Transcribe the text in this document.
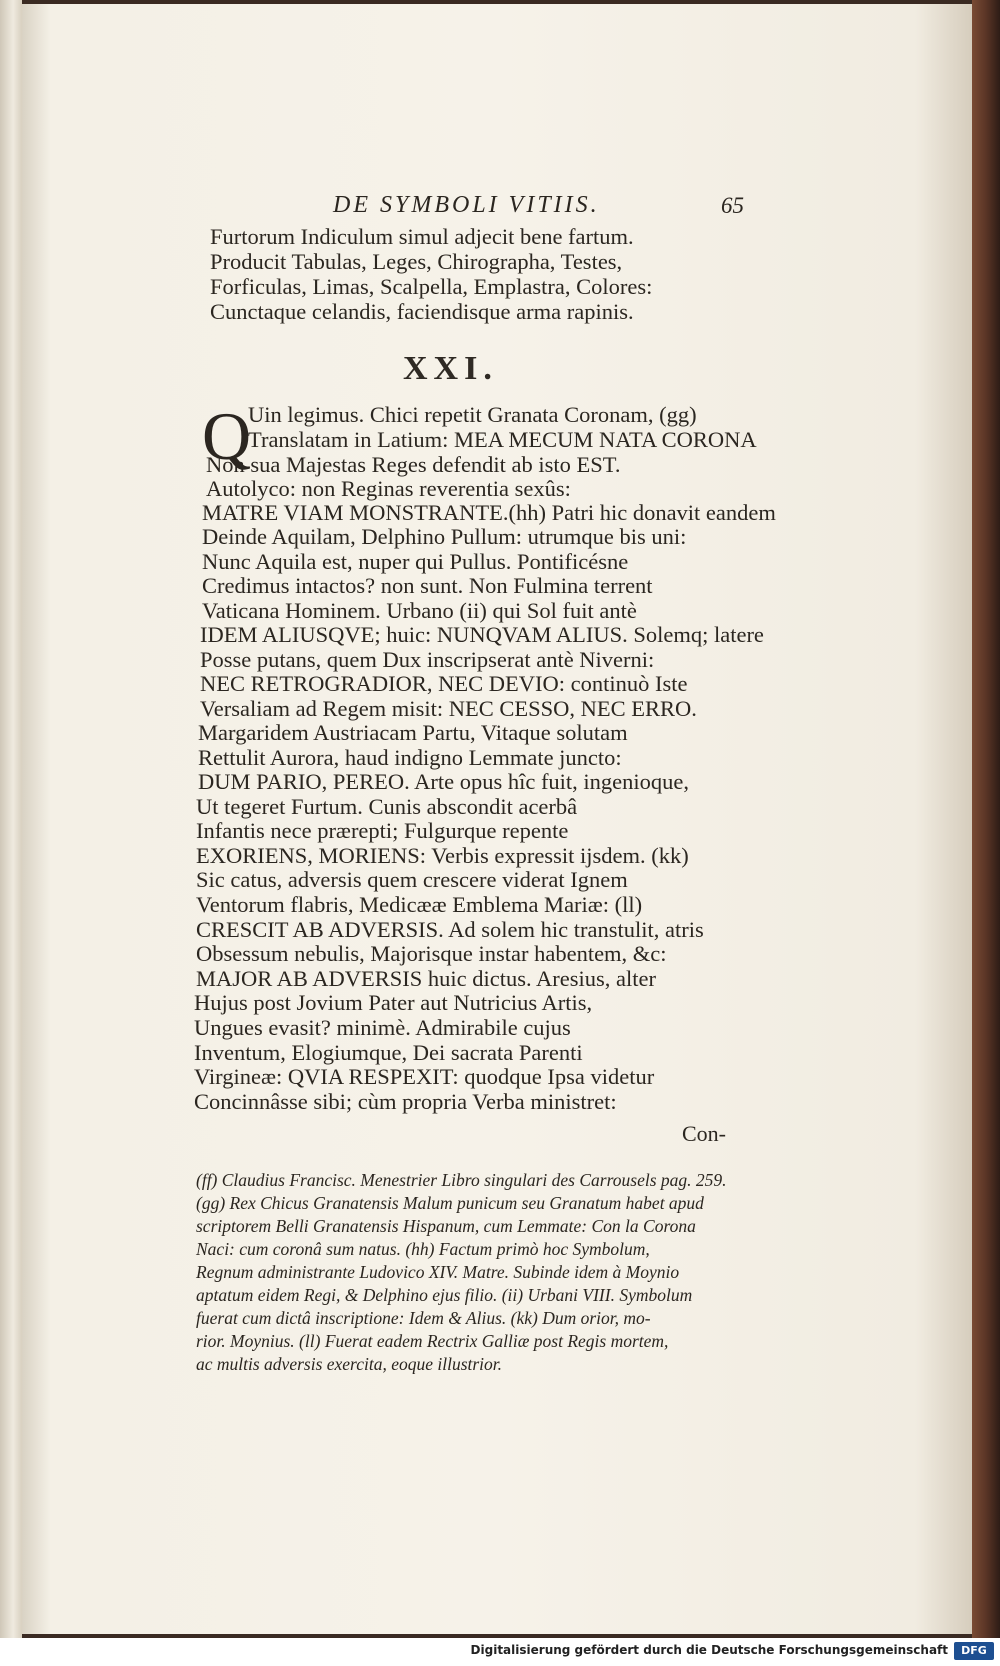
DE SYMBOLI VITIIS.	65
Furtorum Indiculum simul adjecit bene fartum.
Producit Tabulas, Leges, Chirographa, Testes,
Forficulas, Limas, Scalpella, Emplastra, Colores:
Cunctaque celandis, faciendisque arma rapinis.
XXI.
Q
Uin legimus. Chici repetit Granata Coronam, (gg)
Translatam in Latium: MEA MECUM NATA CORONA
Non sua Majestas Reges defendit ab isto EST.
Autolyco: non Reginas reverentia sexûs:
MATRE VIAM MONSTRANTE.(hh) Patri hic donavit eandem
Deinde Aquilam, Delphino Pullum: utrumque bis uni:
Nunc Aquila est, nuper qui Pullus. Pontificésne
Credimus intactos? non sunt. Non Fulmina terrent
Vaticana Hominem. Urbano (ii) qui Sol fuit antè
IDEM ALIUSQVE; huic: NUNQVAM ALIUS. Solemq; latere
Posse putans, quem Dux inscripserat antè Niverni:
NEC RETROGRADIOR, NEC DEVIO: continuò Iste
Versaliam ad Regem misit: NEC CESSO, NEC ERRO.
Margaridem Austriacam Partu, Vitaque solutam
Rettulit Aurora, haud indigno Lemmate juncto:
DUM PARIO, PEREO. Arte opus hîc fuit, ingenioque,
Ut tegeret Furtum. Cunis abscondit acerbâ
Infantis nece prærepti; Fulgurque repente
EXORIENS, MORIENS: Verbis expressit ijsdem. (kk)
Sic catus, adversis quem crescere viderat Ignem
Ventorum flabris, Medicææ Emblema Mariæ: (ll)
CRESCIT AB ADVERSIS. Ad solem hic transtulit, atris
Obsessum nebulis, Majorisque instar habentem, &c:
MAJOR AB ADVERSIS huic dictus. Aresius, alter
Hujus post Jovium Pater aut Nutricius Artis,
Ungues evasit? minimè. Admirabile cujus
Inventum, Elogiumque, Dei sacrata Parenti
Virgineæ: QVIA RESPEXIT: quodque Ipsa videtur
Concinnâsse sibi; cùm propria Verba ministret:
Con-
(ff) Claudius Francisc. Menestrier Libro singulari des Carrousels pag. 259.
(gg) Rex Chicus Granatensis Malum punicum seu Granatum habet apud
scriptorem Belli Granatensis Hispanum, cum Lemmate: Con la Corona
Naci: cum coronâ sum natus. (hh) Factum primò hoc Symbolum,
Regnum administrante Ludovico XIV. Matre. Subinde idem à Moynio
aptatum eidem Regi, & Delphino ejus filio. (ii) Urbani VIII. Symbolum
fuerat cum dictâ inscriptione: Idem & Alius. (kk) Dum orior, mo-
rior. Moynius. (ll) Fuerat eadem Rectrix Galliæ post Regis mortem,
ac multis adversis exercita, eoque illustrior.
Digitalisierung gefördert durch die Deutsche Forschungsgemeinschaft	DFG
